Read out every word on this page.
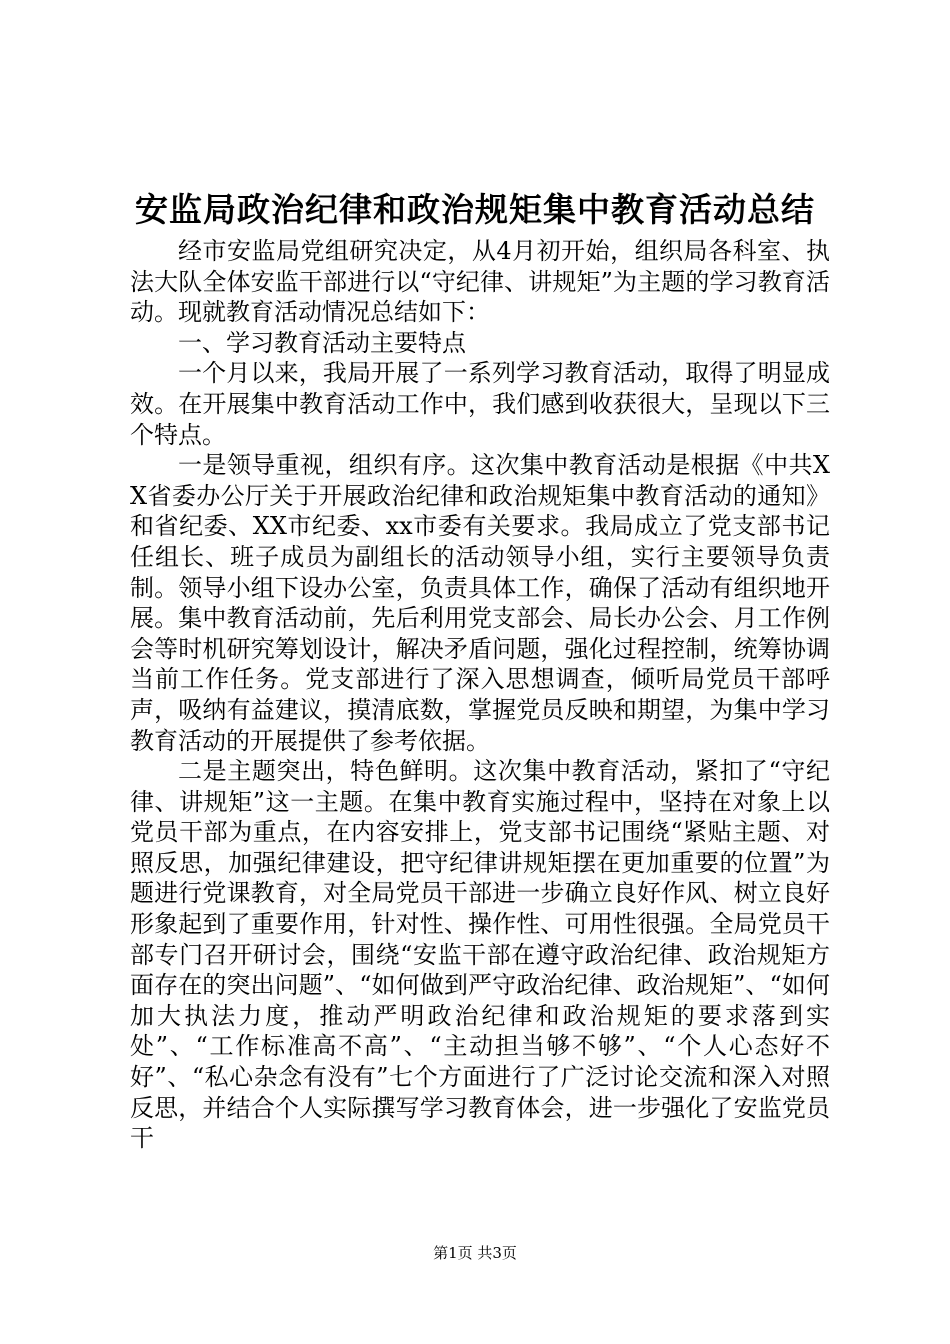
安监局政治纪律和政治规矩集中教育活动总结

经市安监局党组研究决定，从4月初开始，组织局各科室、执法大队全体安监干部进行以“守纪律、讲规矩”为主题的学习教育活动。现就教育活动情况总结如下：

一、学习教育活动主要特点

一个月以来，我局开展了一系列学习教育活动，取得了明显成效。在开展集中教育活动工作中，我们感到收获很大，呈现以下三个特点。

一是领导重视，组织有序。这次集中教育活动是根据《中共XX省委办公厅关于开展政治纪律和政治规矩集中教育活动的通知》和省纪委、XX市纪委、xx市委有关要求。我局成立了党支部书记任组长、班子成员为副组长的活动领导小组，实行主要领导负责制。领导小组下设办公室，负责具体工作，确保了活动有组织地开展。集中教育活动前，先后利用党支部会、局长办公会、月工作例会等时机研究筹划设计，解决矛盾问题，强化过程控制，统筹协调当前工作任务。党支部进行了深入思想调查，倾听局党员干部呼声，吸纳有益建议，摸清底数，掌握党员反映和期望，为集中学习教育活动的开展提供了参考依据。

二是主题突出，特色鲜明。这次集中教育活动，紧扣了“守纪律、讲规矩”这一主题。在集中教育实施过程中，坚持在对象上以党员干部为重点，在内容安排上，党支部书记围绕“紧贴主题、对照反思，加强纪律建设，把守纪律讲规矩摆在更加重要的位置”为题进行党课教育，对全局党员干部进一步确立良好作风、树立良好形象起到了重要作用，针对性、操作性、可用性很强。全局党员干部专门召开研讨会，围绕“安监干部在遵守政治纪律、政治规矩方面存在的突出问题”、“如何做到严守政治纪律、政治规矩”、“如何加大执法力度，推动严明政治纪律和政治规矩的要求落到实处”、“工作标准高不高”、“主动担当够不够”、“个人心态好不好”、“私心杂念有没有”七个方面进行了广泛讨论交流和深入对照反思，并结合个人实际撰写学习教育体会，进一步强化了安监党员干

第1页 共3页
